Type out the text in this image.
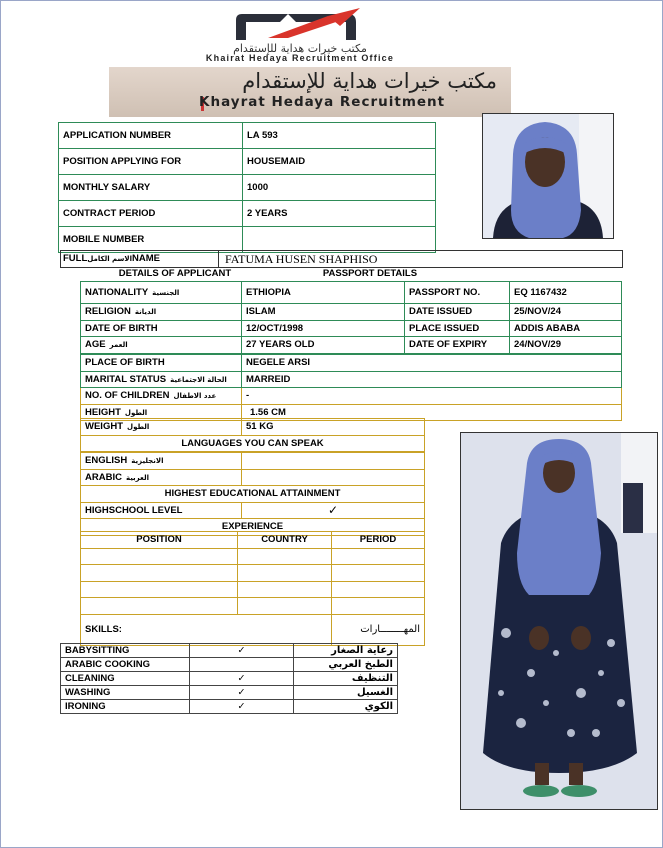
مكتب خيرات هداية للإستقدام
Khairat Hedaya Recruitment Office
مكتب خيرات هداية للإستقدام
Khayrat Hedaya Recruitment
APPLICATION NUMBER	LA 593
POSITION APPLYING FOR	HOUSEMAID
MONTHLY SALARY	1000
CONTRACT PERIOD	2 YEARS
MOBILE NUMBER	
FULLالاسم الكاملNAME	FATUMA HUSEN SHAPHISO
DETAILS OF APPLICANT	PASSPORT DETAILS
NATIONALITY الجنسية	ETHIOPIA	PASSPORT NO.	EQ 1167432
RELIGION الديانة	ISLAM	DATE ISSUED	25/NOV/24
DATE OF BIRTH	12/OCT/1998	PLACE ISSUED	ADDIS ABABA
AGE العمر	27 YEARS OLD	DATE OF EXPIRY	24/NOV/29
PLACE OF BIRTH	NEGELE ARSI
MARITAL STATUS الحالة الاجتماعية	MARREID
NO. OF CHILDREN عدد الاطفال	-
HEIGHT الطول	1.56 CM
WEIGHT الطول	51 KG
LANGUAGES YOU CAN SPEAK
ENGLISH الانجليزية	
ARABIC العربية	
HIGHEST EDUCATIONAL ATTAINMENT	
HIGHSCHOOL LEVEL	✓
EXPERIENCE	
POSITION	COUNTRY	PERIOD

SKILLS:		المهــــــــارات
BABYSITTING	✓	رعاية الصغار
ARABIC COOKING		الطبخ العربي
CLEANING	✓	التنظيف
WASHING	✓	الغسيل
IRONING	✓	الكوي
